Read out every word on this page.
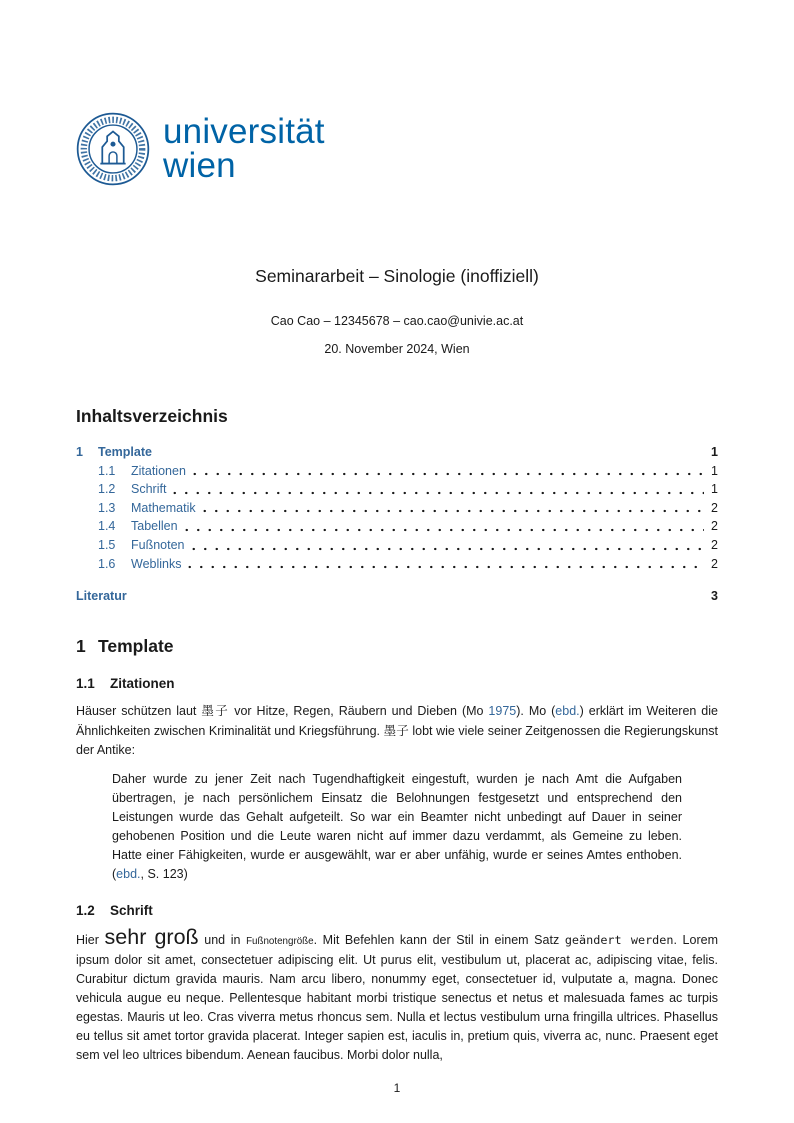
universität
wien
Seminararbeit – Sinologie (inoffiziell)
Cao Cao – 12345678 – cao.cao@univie.ac.at
20. November 2024, Wien
Inhaltsverzeichnis
1	Template	1
1.1	Zitationen	1
1.2	Schrift	1
1.3	Mathematik	2
1.4	Tabellen	2
1.5	Fußnoten	2
1.6	Weblinks	2
Literatur	3
1 Template
1.1 Zitationen

Häuser schützen laut 墨子 vor Hitze, Regen, Räubern und Dieben (Mo 1975). Mo (ebd.) erklärt im Weiteren die Ähnlichkeiten zwischen Kriminalität und Kriegsführung. 墨子 lobt wie viele seiner Zeitgenossen die Regierungskunst der Antike:

Daher wurde zu jener Zeit nach Tugendhaftigkeit eingestuft, wurden je nach Amt die Aufgaben übertragen, je nach persönlichem Einsatz die Belohnungen festgesetzt und entsprechend den Leistungen wurde das Gehalt aufgeteilt. So war ein Beamter nicht unbedingt auf Dauer in seiner gehobenen Position und die Leute waren nicht auf immer dazu verdammt, als Gemeine zu leben. Hatte einer Fähigkeiten, wurde er ausgewählt, war er aber unfähig, wurde er seines Amtes enthoben. (ebd., S. 123)
1.2 Schrift

Hier sehr groß und in Fußnotengröße. Mit Befehlen kann der Stil in einem Satz geändert werden. Lorem ipsum dolor sit amet, consectetuer adipiscing elit. Ut purus elit, vestibulum ut, placerat ac, adipiscing vitae, felis. Curabitur dictum gravida mauris. Nam arcu libero, nonummy eget, consectetuer id, vulputate a, magna. Donec vehicula augue eu neque. Pellentesque habitant morbi tristique senectus et netus et malesuada fames ac turpis egestas. Mauris ut leo. Cras viverra metus rhoncus sem. Nulla et lectus vestibulum urna fringilla ultrices. Phasellus eu tellus sit amet tortor gravida placerat. Integer sapien est, iaculis in, pretium quis, viverra ac, nunc. Praesent eget sem vel leo ultrices bibendum. Aenean faucibus. Morbi dolor nulla,

1
